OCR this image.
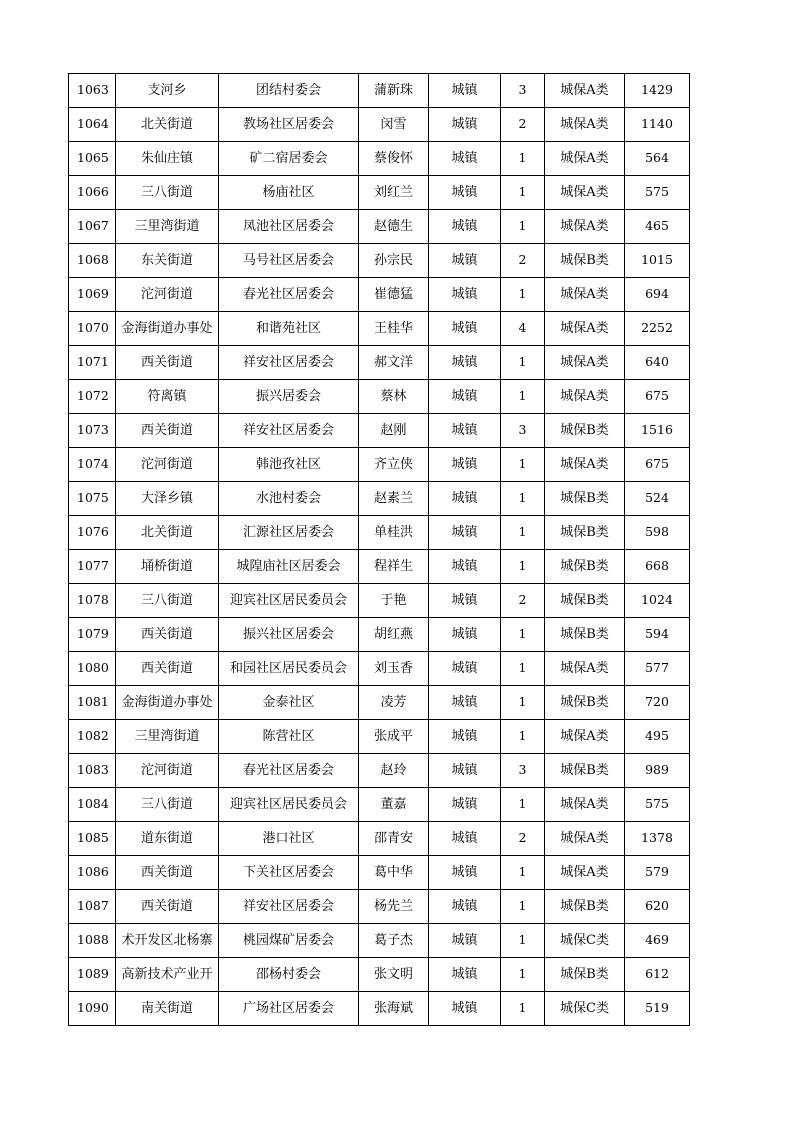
1063	支河乡	团结村委会	蒲新珠	城镇	3	城保A类	1429
1064	北关街道	教场社区居委会	闵雪	城镇	2	城保A类	1140
1065	朱仙庄镇	矿二宿居委会	蔡俊怀	城镇	1	城保A类	564
1066	三八街道	杨庙社区	刘红兰	城镇	1	城保A类	575
1067	三里湾街道	凤池社区居委会	赵德生	城镇	1	城保A类	465
1068	东关街道	马号社区居委会	孙宗民	城镇	2	城保B类	1015
1069	沱河街道	春光社区居委会	崔德猛	城镇	1	城保A类	694
1070	金海街道办事处	和谐苑社区	王桂华	城镇	4	城保A类	2252
1071	西关街道	祥安社区居委会	郝文洋	城镇	1	城保A类	640
1072	符离镇	振兴居委会	蔡林	城镇	1	城保A类	675
1073	西关街道	祥安社区居委会	赵刚	城镇	3	城保B类	1516
1074	沱河街道	韩池孜社区	齐立侠	城镇	1	城保A类	675
1075	大泽乡镇	水池村委会	赵素兰	城镇	1	城保B类	524
1076	北关街道	汇源社区居委会	单桂洪	城镇	1	城保B类	598
1077	埇桥街道	城隍庙社区居委会	程祥生	城镇	1	城保B类	668
1078	三八街道	迎宾社区居民委员会	于艳	城镇	2	城保B类	1024
1079	西关街道	振兴社区居委会	胡红燕	城镇	1	城保B类	594
1080	西关街道	和园社区居民委员会	刘玉香	城镇	1	城保A类	577
1081	金海街道办事处	金泰社区	凌芳	城镇	1	城保B类	720
1082	三里湾街道	陈营社区	张成平	城镇	1	城保A类	495
1083	沱河街道	春光社区居委会	赵玲	城镇	3	城保B类	989
1084	三八街道	迎宾社区居民委员会	董嘉	城镇	1	城保A类	575
1085	道东街道	港口社区	邵青安	城镇	2	城保A类	1378
1086	西关街道	下关社区居委会	葛中华	城镇	1	城保A类	579
1087	西关街道	祥安社区居委会	杨先兰	城镇	1	城保B类	620
1088	术开发区北杨寨	桃园煤矿居委会	葛子杰	城镇	1	城保C类	469
1089	高新技术产业开	邵杨村委会	张文明	城镇	1	城保B类	612
1090	南关街道	广场社区居委会	张海斌	城镇	1	城保C类	519
